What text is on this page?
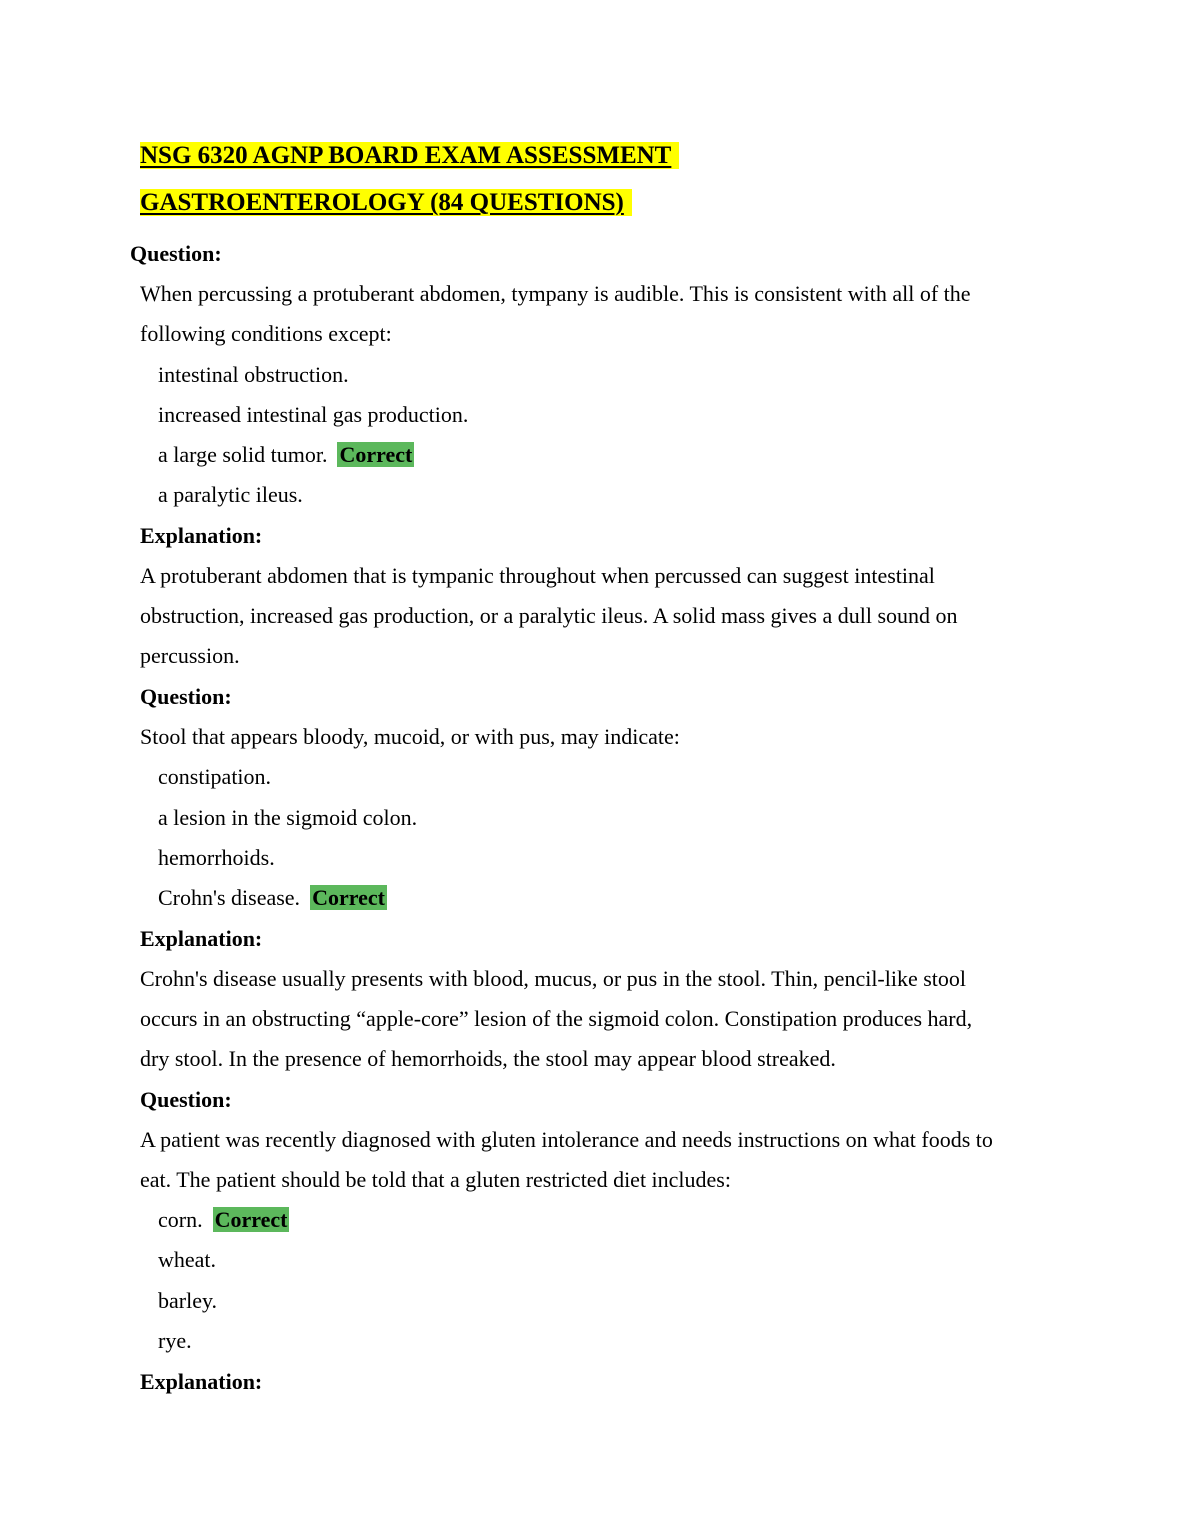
NSG 6320 AGNP BOARD EXAM ASSESSMENT
GASTROENTEROLOGY (84 QUESTIONS)
Question:
When percussing a protuberant abdomen, tympany is audible. This is consistent with all of the
following conditions except:
intestinal obstruction.
increased intestinal gas production.
a large solid tumor. Correct
a paralytic ileus.
Explanation:
A protuberant abdomen that is tympanic throughout when percussed can suggest intestinal
obstruction, increased gas production, or a paralytic ileus. A solid mass gives a dull sound on
percussion.
Question:
Stool that appears bloody, mucoid, or with pus, may indicate:
constipation.
a lesion in the sigmoid colon.
hemorrhoids.
Crohn's disease. Correct
Explanation:
Crohn's disease usually presents with blood, mucus, or pus in the stool. Thin, pencil-like stool
occurs in an obstructing “apple-core” lesion of the sigmoid colon. Constipation produces hard,
dry stool. In the presence of hemorrhoids, the stool may appear blood streaked.
Question:
A patient was recently diagnosed with gluten intolerance and needs instructions on what foods to
eat. The patient should be told that a gluten restricted diet includes:
corn. Correct
wheat.
barley.
rye.
Explanation:
